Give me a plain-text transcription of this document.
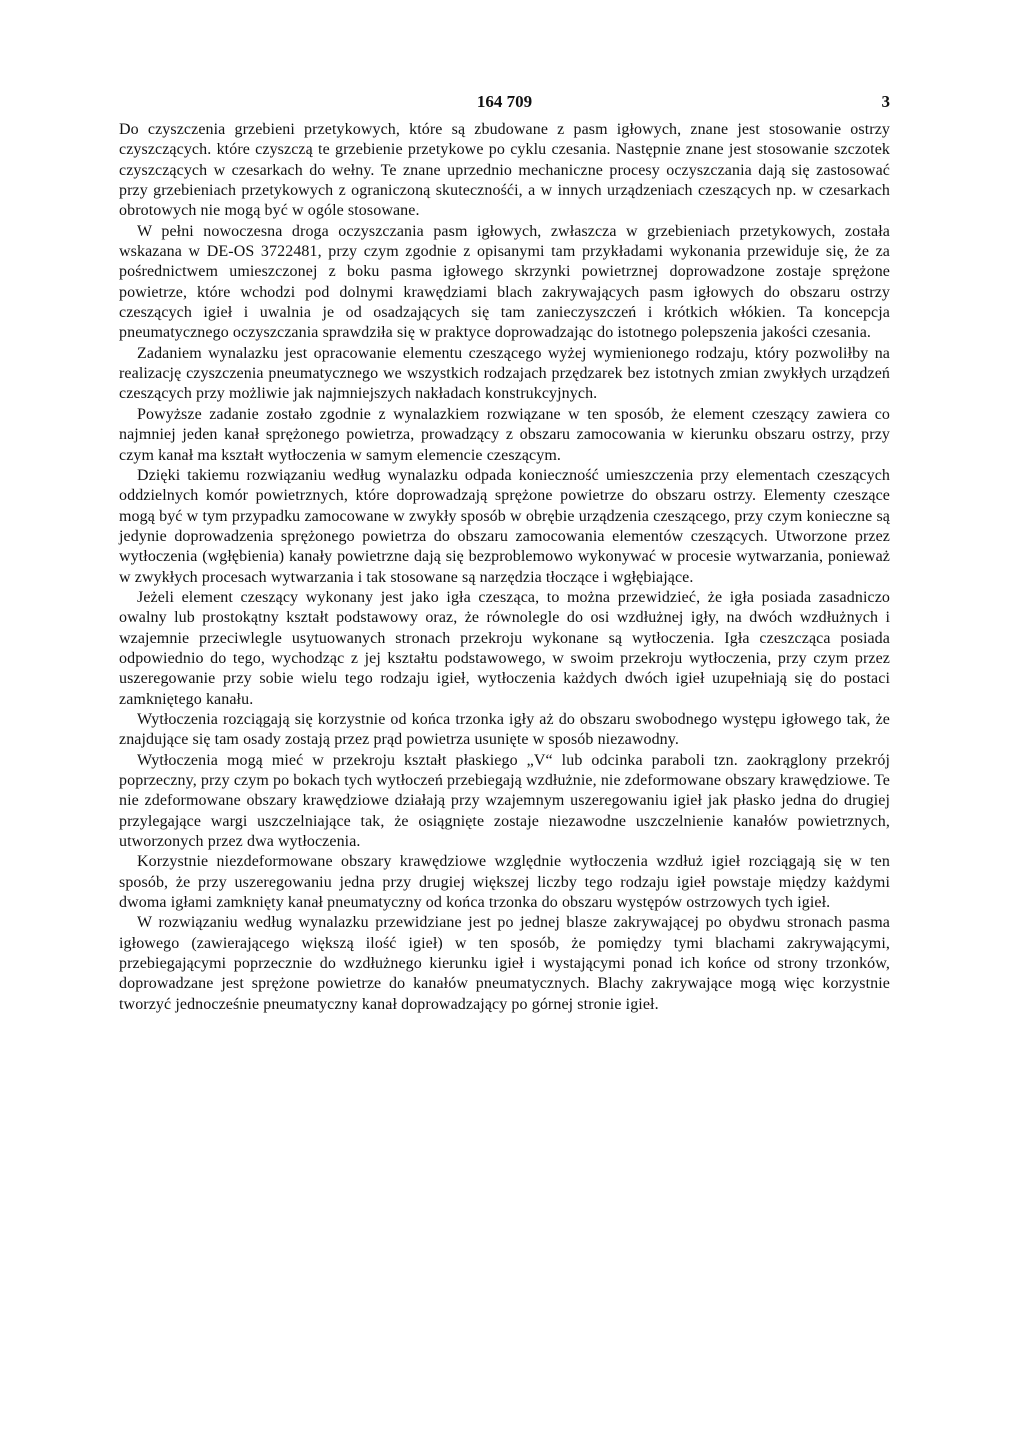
164 709	3

Do czyszczenia grzebieni przetykowych, które są zbudowane z pasm igłowych, znane jest stosowanie ostrzy czyszczących. które czyszczą te grzebienie przetykowe po cyklu czesania. Następnie znane jest stosowanie szczotek czyszczących w czesarkach do wełny. Te znane uprzednio mechaniczne procesy oczyszczania dają się zastosować przy grzebieniach przetykowych z ograniczoną skutecznośći, a w innych urządzeniach czeszących np. w czesarkach obrotowych nie mogą być w ogóle stosowane.

W pełni nowoczesna droga oczyszczania pasm igłowych, zwłaszcza w grzebieniach przetykowych, została wskazana w DE-OS 3722481, przy czym zgodnie z opisanymi tam przykładami wykonania przewiduje się, że za pośrednictwem umieszczonej z boku pasma igłowego skrzynki powietrznej doprowadzone zostaje sprężone powietrze, które wchodzi pod dolnymi krawędziami blach zakrywających pasm igłowych do obszaru ostrzy czeszących igieł i uwalnia je od osadzających się tam zanieczyszczeń i krótkich włókien. Ta koncepcja pneumatycznego oczyszczania sprawdziła się w praktyce doprowadzając do istotnego polepszenia jakości czesania.

Zadaniem wynalazku jest opracowanie elementu czeszącego wyżej wymienionego rodzaju, który pozwoliłby na realizację czyszczenia pneumatycznego we wszystkich rodzajach przędzarek bez istotnych zmian zwykłych urządzeń czeszących przy możliwie jak najmniejszych nakładach konstrukcyjnych.

Powyższe zadanie zostało zgodnie z wynalazkiem rozwiązane w ten sposób, że element czeszący zawiera co najmniej jeden kanał sprężonego powietrza, prowadzący z obszaru zamocowania w kierunku obszaru ostrzy, przy czym kanał ma kształt wytłoczenia w samym elemencie czeszącym.

Dzięki takiemu rozwiązaniu według wynalazku odpada konieczność umieszczenia przy elementach czeszących oddzielnych komór powietrznych, które doprowadzają sprężone powietrze do obszaru ostrzy. Elementy czeszące mogą być w tym przypadku zamocowane w zwykły sposób w obrębie urządzenia czeszącego, przy czym konieczne są jedynie doprowadzenia sprężonego powietrza do obszaru zamocowania elementów czeszących. Utworzone przez wytłoczenia (wgłębienia) kanały powietrzne dają się bezproblemowo wykonywać w procesie wytwarzania, ponieważ w zwykłych procesach wytwarzania i tak stosowane są narzędzia tłoczące i wgłębiające.

Jeżeli element czeszący wykonany jest jako igła czesząca, to można przewidzieć, że igła posiada zasadniczo owalny lub prostokątny kształt podstawowy oraz, że równolegle do osi wzdłużnej igły, na dwóch wzdłużnych i wzajemnie przeciwlegle usytuowanych stronach przekroju wykonane są wytłoczenia. Igła czeszcząca posiada odpowiednio do tego, wychodząc z jej kształtu podstawowego, w swoim przekroju wytłoczenia, przy czym przez uszeregowanie przy sobie wielu tego rodzaju igieł, wytłoczenia każdych dwóch igieł uzupełniają się do postaci zamkniętego kanału.

Wytłoczenia rozciągają się korzystnie od końca trzonka igły aż do obszaru swobodnego występu igłowego tak, że znajdujące się tam osady zostają przez prąd powietrza usunięte w sposób niezawodny.

Wytłoczenia mogą mieć w przekroju kształt płaskiego „V“ lub odcinka paraboli tzn. zaokrąglony przekrój poprzeczny, przy czym po bokach tych wytłoczeń przebiegają wzdłużnie, nie zdeformowane obszary krawędziowe. Te nie zdeformowane obszary krawędziowe działają przy wzajemnym uszeregowaniu igieł jak płasko jedna do drugiej przylegające wargi uszczelniające tak, że osiągnięte zostaje niezawodne uszczelnienie kanałów powietrznych, utworzonych przez dwa wytłoczenia.

Korzystnie niezdeformowane obszary krawędziowe względnie wytłoczenia wzdłuż igieł rozciągają się w ten sposób, że przy uszeregowaniu jedna przy drugiej większej liczby tego rodzaju igieł powstaje między każdymi dwoma igłami zamknięty kanał pneumatyczny od końca trzonka do obszaru występów ostrzowych tych igieł.

W rozwiązaniu według wynalazku przewidziane jest po jednej blasze zakrywającej po obydwu stronach pasma igłowego (zawierającego większą ilość igieł) w ten sposób, że pomiędzy tymi blachami zakrywającymi, przebiegającymi poprzecznie do wzdłużnego kierunku igieł i wystającymi ponad ich końce od strony trzonków, doprowadzane jest sprężone powietrze do kanałów pneumatycznych. Blachy zakrywające mogą więc korzystnie tworzyć jednocześnie pneumatyczny kanał doprowadzający po górnej stronie igieł.
